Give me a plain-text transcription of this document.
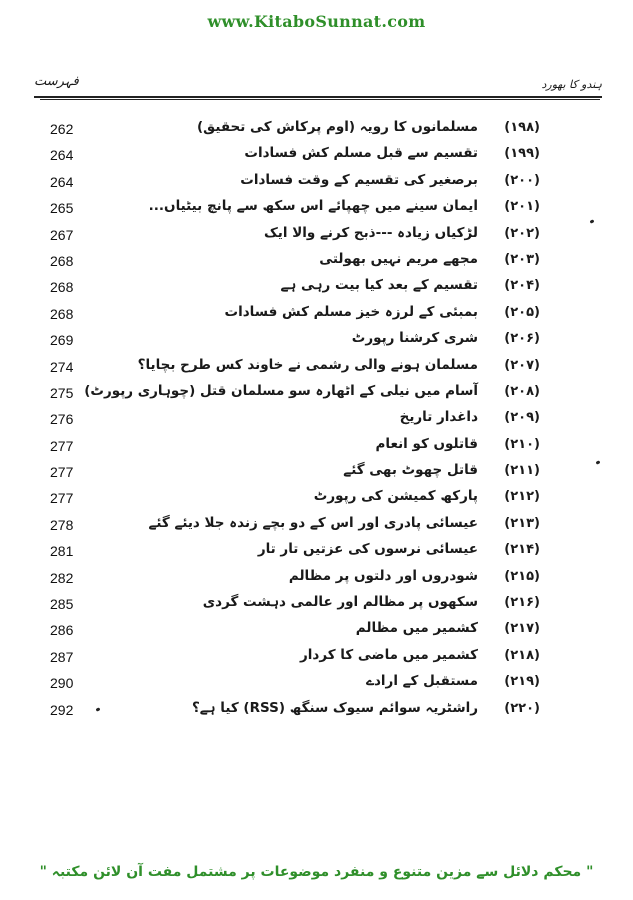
www.KitaboSunnat.com
ہندو کا بھورد
فہرست
262	مسلمانوں کا رویہ (اوم پرکاش کی تحقیق) (۱۹۸)
264	تقسیم سے قبل مسلم کش فسادات (۱۹۹)
264	برصغیر کی تقسیم کے وقت فسادات (۲۰۰)
265	ایمان سینے میں چھپائے اس سکھ سے پانچ بیٹیاں... (۲۰۱)
267	لڑکیاں زیادہ ---ذبح کرنے والا ایک (۲۰۲)
268	مجھے مریم نہیں بھولتی (۲۰۳)
268	تقسیم کے بعد کیا بیت رہی ہے (۲۰۴)
268	بمبئی کے لرزہ خیز مسلم کش فسادات (۲۰۵)
269	شری کرشنا رپورٹ (۲۰۶)
274	مسلمان ہونے والی رشمی نے خاوند کس طرح بچایا؟ (۲۰۷)
275 آسام میں نیلی کے اٹھارہ سو مسلمان قتل (چوہاری رپورٹ) (۲۰۸)
276	داغدار تاریخ (۲۰۹)
277	قاتلوں کو انعام (۲۱۰)
277	قاتل چھوٹ بھی گئے (۲۱۱)
277	پارکھ کمیشن کی رپورٹ (۲۱۲)
278	عیسائی پادری اور اس کے دو بچے زندہ جلا دیئے گئے (۲۱۳)
281	عیسائی نرسوں کی عزتیں تار تار (۲۱۴)
282	شودروں اور دلتوں پر مظالم (۲۱۵)
285	سکھوں پر مظالم اور عالمی دہشت گردی (۲۱۶)
286	کشمیر میں مظالم (۲۱۷)
287	کشمیر میں ماضی کا کردار (۲۱۸)
290	مستقبل کے ارادے (۲۱۹)
292	راشٹریہ سوائم سیوک سنگھ (RSS) کیا ہے؟ (۲۲۰)
" محکم دلائل سے مزین متنوع و منفرد موضوعات پر مشتمل مفت آن لائن مکتبہ "
